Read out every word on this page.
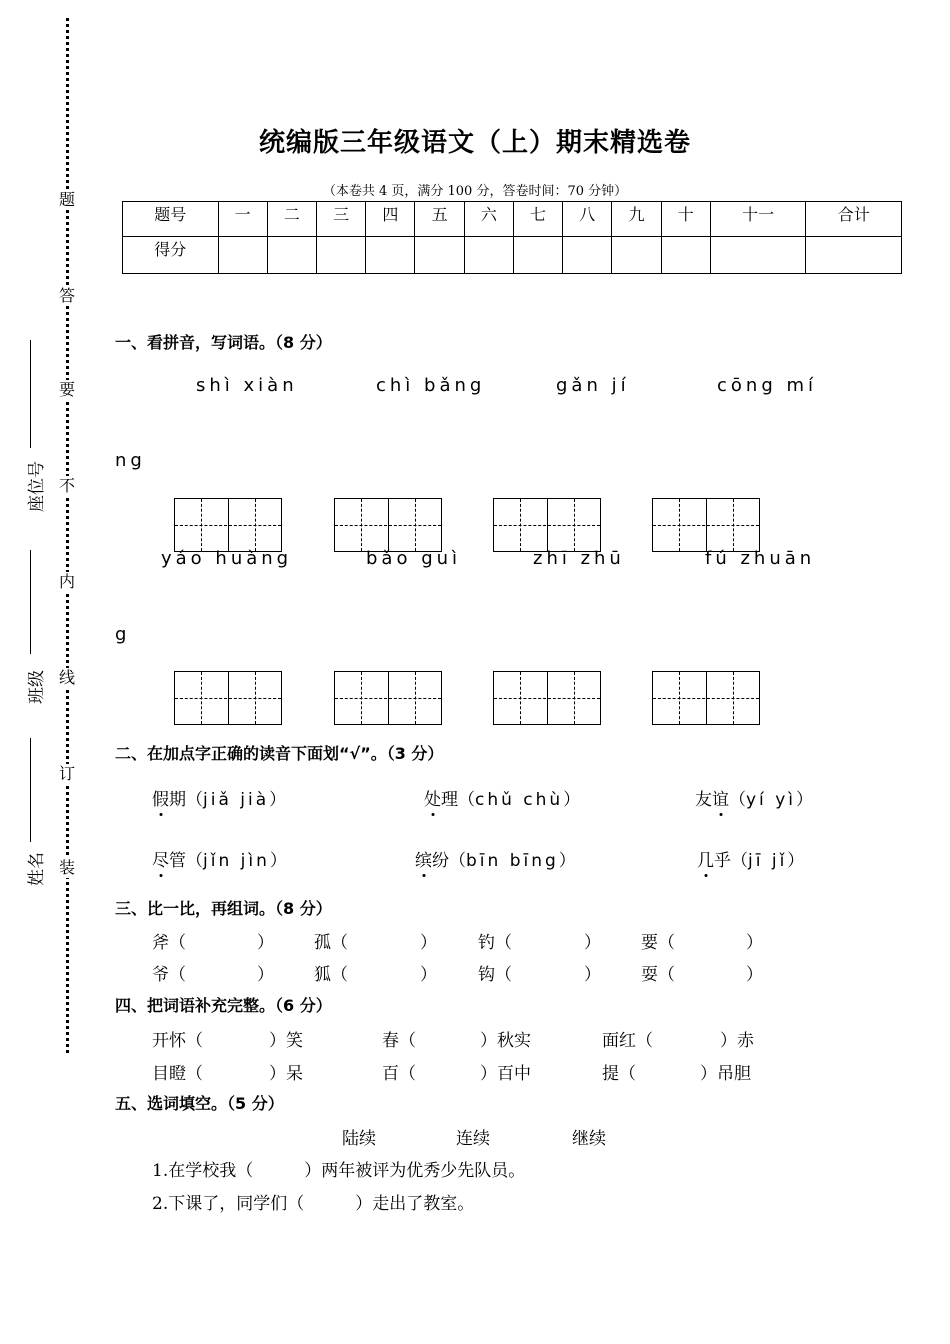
题
答
要
不
内
线
订
装
座位号
班级
姓名
统编版三年级语文（上）期末精选卷
（本卷共 4 页，满分 100 分，答卷时间：70 分钟）
题号	一	二	三	四	五	六	七	八	九	十	十一	合计
得分												
一、看拼音，写词语。（8 分）
shì xiàn	chì bǎng	gǎn jí	cōng mí
ng
yáo huàng	bǎo guì	zhī zhū	fú zhuān
g
二、在加点字正确的读音下面划“√”。（3 分）
假期（jiǎ jià）	处理（chǔ chù）	友谊（yí yì）
尽管（jǐn jìn）	缤纷（bīn bīng）	几乎（jī jǐ）
三、比一比，再组词。（8 分）
斧（	） 孤（	） 钓（	） 要（	）
爷（	） 狐（	） 钩（	） 耍（	）
四、把词语补充完整。（6 分）
开怀（	）笑	春（	）秋实	面红（	）赤
目瞪（	）呆	百（	）百中	提（	）吊胆
五、选词填空。（5 分）
陆续	连续	继续
1.在学校我（　　　）两年被评为优秀少先队员。
2.下课了，同学们（　　　）走出了教室。
